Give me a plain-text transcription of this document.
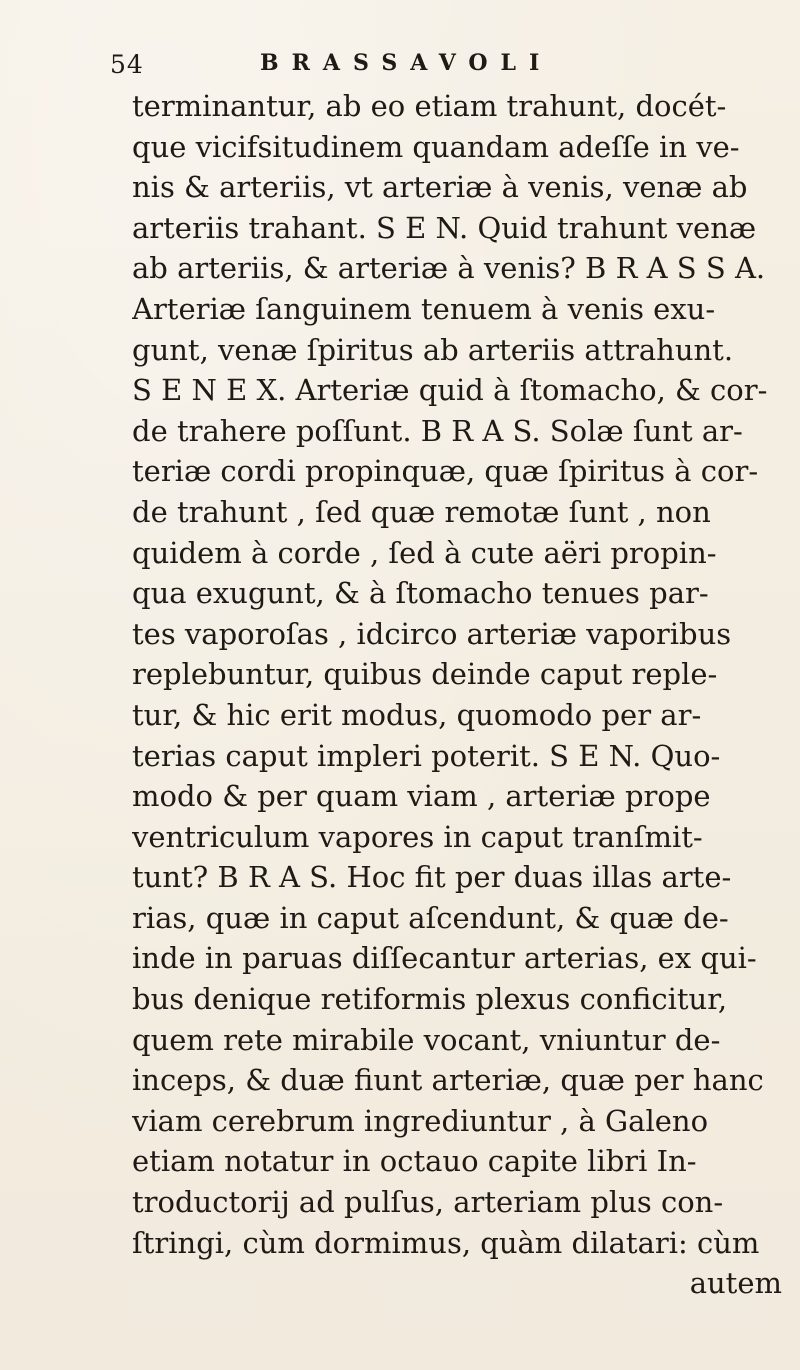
54	BRASSAVOLI
terminantur, ab eo etiam trahunt, docét-
que vicifsitudinem quandam adeſſe in ve-
nis & arteriis, vt arteriæ à venis, venæ ab
arteriis trahant. S E N. Quid trahunt venæ
ab arteriis, & arteriæ à venis? B R A S S A.
Arteriæ ſanguinem tenuem à venis exu-
gunt, venæ ſpiritus ab arteriis attrahunt.
S E N E X. Arteriæ quid à ſtomacho, & cor-
de trahere poſſunt. B R A S. Solæ ſunt ar-
teriæ cordi propinquæ, quæ ſpiritus à cor-
de trahunt , ſed quæ remotæ ſunt , non
quidem à corde , ſed à cute aëri propin-
qua exugunt, & à ſtomacho tenues par-
tes vaporoſas , idcirco arteriæ vaporibus
replebuntur, quibus deinde caput reple-
tur, & hic erit modus, quomodo per ar-
terias caput impleri poterit. S E N. Quo-
modo & per quam viam , arteriæ prope
ventriculum vapores in caput tranſmit-
tunt? B R A S. Hoc fit per duas illas arte-
rias, quæ in caput aſcendunt, & quæ de-
inde in paruas diſſecantur arterias, ex qui-
bus denique retiformis plexus conficitur,
quem rete mirabile vocant, vniuntur de-
inceps, & duæ fiunt arteriæ, quæ per hanc
viam cerebrum ingrediuntur , à Galeno
etiam notatur in octauo capite libri In-
troductorij ad pulſus, arteriam plus con-
ſtringi, cùm dormimus, quàm dilatari: cùm
autem
